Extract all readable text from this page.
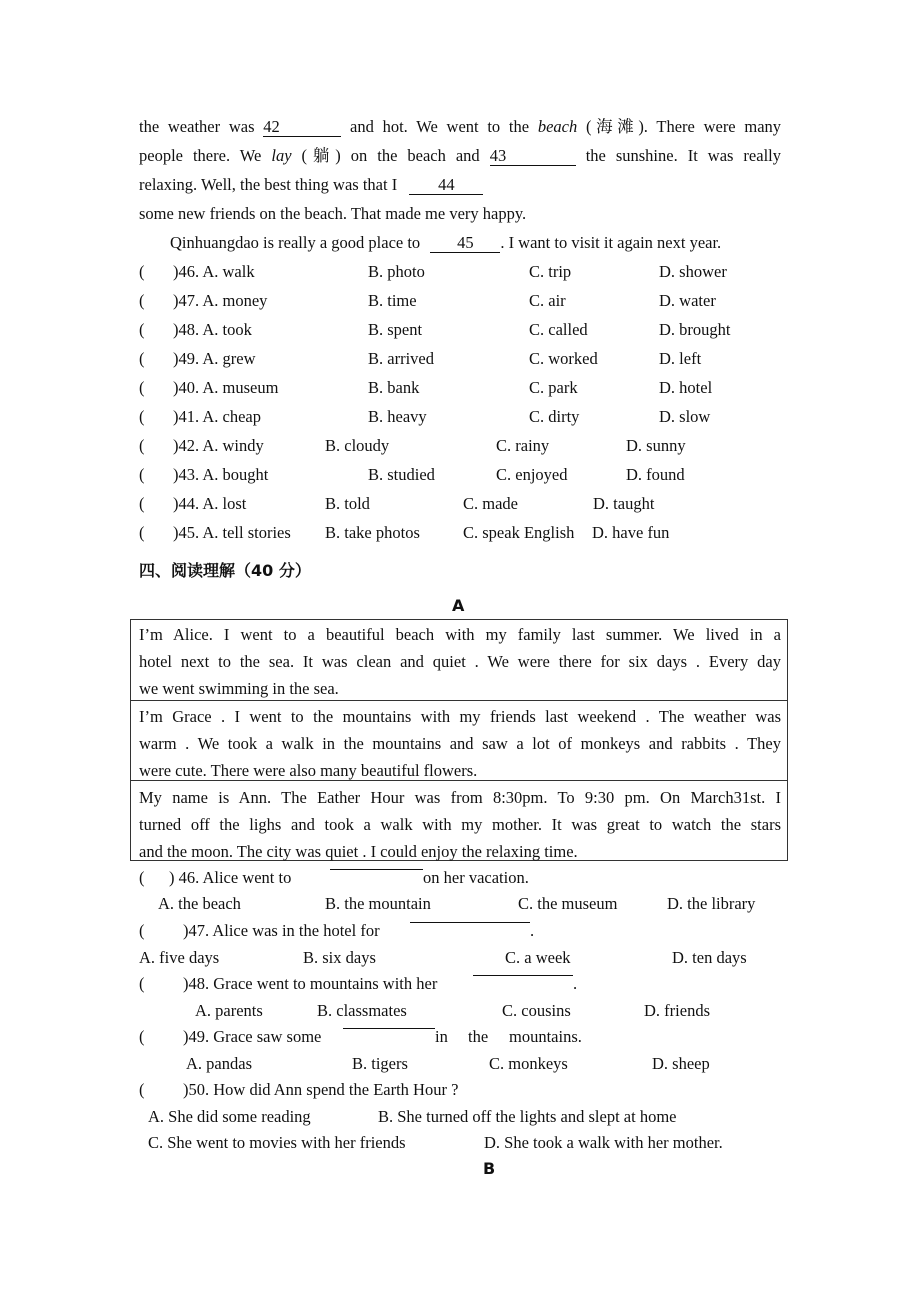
the weather was 42	and hot. We went to the beach (海滩). There were many
people there. We lay (躺) on the beach and 43	the sunshine. It was really
relaxing. Well, the best thing was that I 44
some new friends on the beach. That made me very happy.
Qinhuangdao is really a good place to 45 . I want to visit it again next year.
( )46. A. walk	B. photo	C. trip	D. shower
( )47. A. money	B. time	C. air	D. water
( )48. A. took	B. spent	C. called	D. brought
( )49. A. grew	B. arrived	C. worked	D. left
( )40. A. museum	B. bank	C. park	D. hotel
( )41. A. cheap	B. heavy	C. dirty	D. slow
( )42. A. windy	B. cloudy	C. rainy	D. sunny
( )43. A. bought	B. studied	C. enjoyed	D. found
( )44. A. lost	B. told	C. made	D. taught
( )45. A. tell stories B. take photos	C. speak English D. have fun
四、阅读理解（40 分）
A
I’m Alice. I went to a beautiful beach with my family last summer. We lived in a
hotel next to the sea. It was clean and quiet . We were there for six days . Every day
we went swimming in the sea.
I’m Grace . I went to the mountains with my friends last weekend . The weather was
warm . We took a walk in the mountains and saw a lot of monkeys and rabbits . They
were cute. There were also many beautiful flowers.
My name is Ann. The Eather Hour was from 8:30pm. To 9:30 pm. On March31st. I
turned off the lighs and took a walk with my mother. It was great to watch the stars
and the moon. The city was quiet . I could enjoy the relaxing time.
( ) 46. Alice went to	on her vacation.
A. the beach	B. the mountain	C. the museum	D. the library
( )47. Alice was in the hotel for	.
A. five days	B. six days	C. a week	D. ten days
( )48. Grace went to mountains with her	.
A. parents	B. classmates	C. cousins	D. friends
( )49. Grace saw some	in the mountains.
A. pandas	B. tigers	C. monkeys	D. sheep
( )50. How did Ann spend the Earth Hour ?
A. She did some reading	B. She turned off the lights and slept at home
C. She went to movies with her friends	D. She took a walk with her mother.
B
